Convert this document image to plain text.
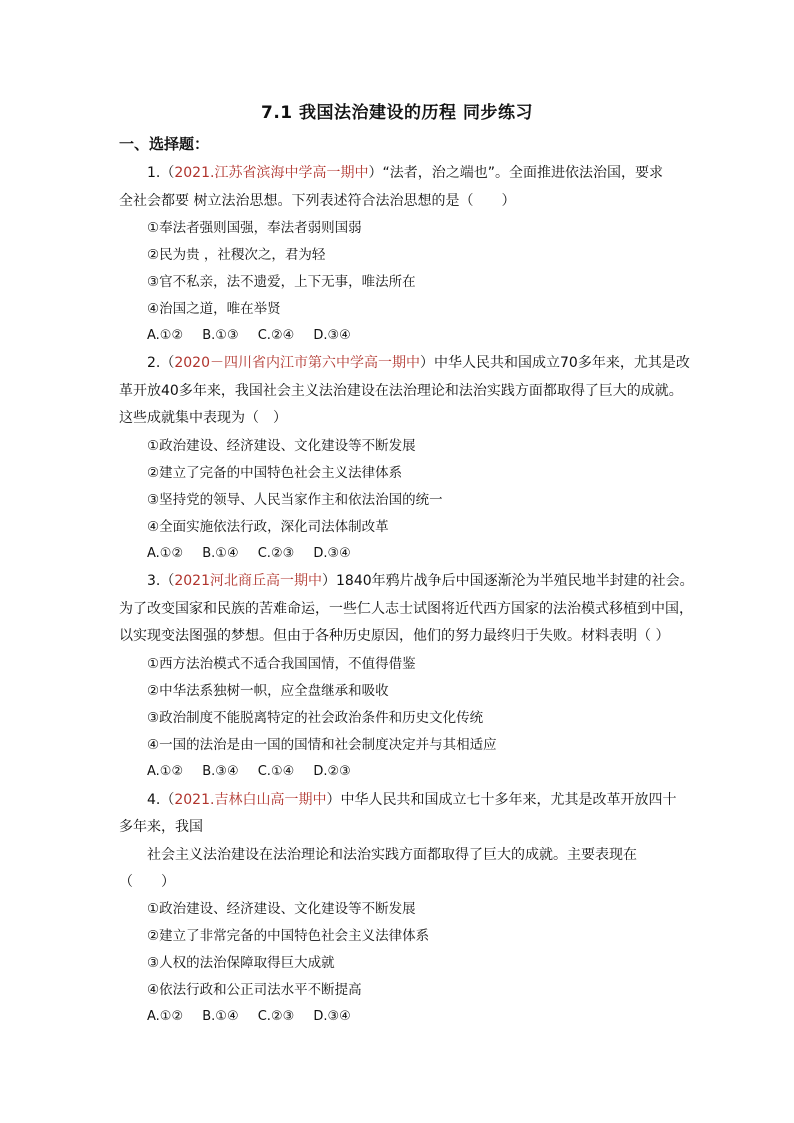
7.1 我国法治建设的历程 同步练习
一、选择题：
1.（2021.江苏省滨海中学高一期中）“法者，治之端也”。全面推进依法治国，要求
全社会都要 树立法治思想。下列表述符合法治思想的是（　　）
①奉法者强则国强，奉法者弱则国弱
②民为贵 ，社稷次之，君为轻
③官不私亲，法不遗爱，上下无事，唯法所在
④治国之道，唯在举贤
A.①②　 B.①③　 C.②④　 D.③④
2.（2020－四川省内江市第六中学高一期中）中华人民共和国成立70多年来，尤其是改
革开放40多年来，我国社会主义法治建设在法治理论和法治实践方面都取得了巨大的成就。
这些成就集中表现为（　）
①政治建设、经济建设、文化建设等不断发展
②建立了完备的中国特色社会主义法律体系
③坚持党的领导、人民当家作主和依法治国的统一
④全面实施依法行政，深化司法体制改革
A.①②　 B.①④　 C.②③　 D.③④
3.（2021河北商丘高一期中）1840年鸦片战争后中国逐渐沦为半殖民地半封建的社会。
为了改变国家和民族的苦难命运，一些仁人志士试图将近代西方国家的法治模式移植到中国，
以实现变法图强的梦想。但由于各种历史原因，他们的努力最终归于失败。材料表明（ ）
①西方法治模式不适合我国国情，不值得借鉴
②中华法系独树一帜，应全盘继承和吸收
③政治制度不能脱离特定的社会政治条件和历史文化传统
④一国的法治是由一国的国情和社会制度决定并与其相适应
A.①②　 B.③④　 C.①④　 D.②③
4.（2021.吉林白山高一期中）中华人民共和国成立七十多年来，尤其是改革开放四十
多年来，我国
社会主义法治建设在法治理论和法治实践方面都取得了巨大的成就。主要表现在
（　　）
①政治建设、经济建设、文化建设等不断发展
②建立了非常完备的中国特色社会主义法律体系
③人权的法治保障取得巨大成就
④依法行政和公正司法水平不断提高
A.①②　 B.①④　 C.②③　 D.③④
